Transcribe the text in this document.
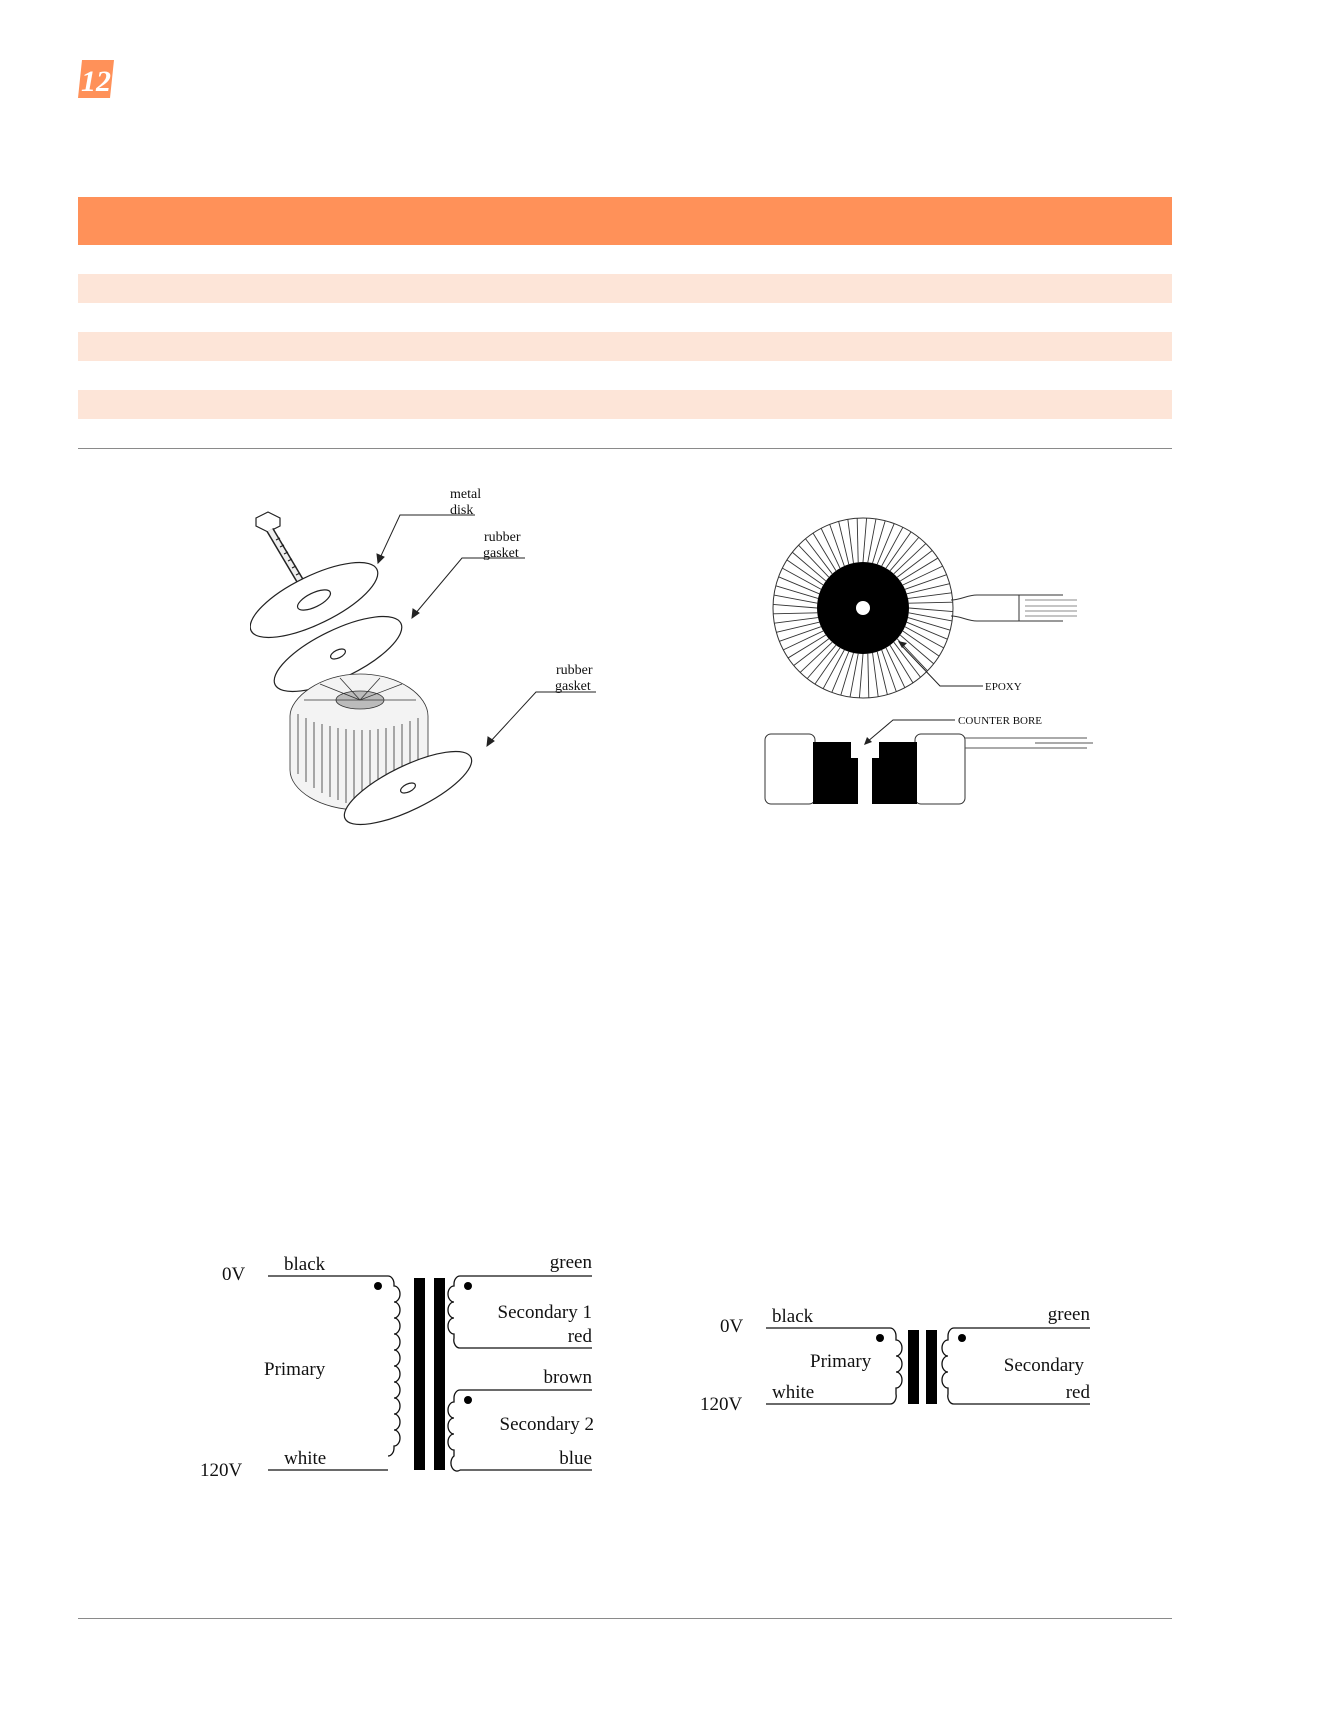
12
metal
disk
rubber
gasket
rubber
gasket	EPOXY
COUNTER BORE
0V black
Primary
120V
white
green
Secondary 1
red
brown
Secondary 2
blue
0V black
Primary
120V
white
green
Secondary
red
